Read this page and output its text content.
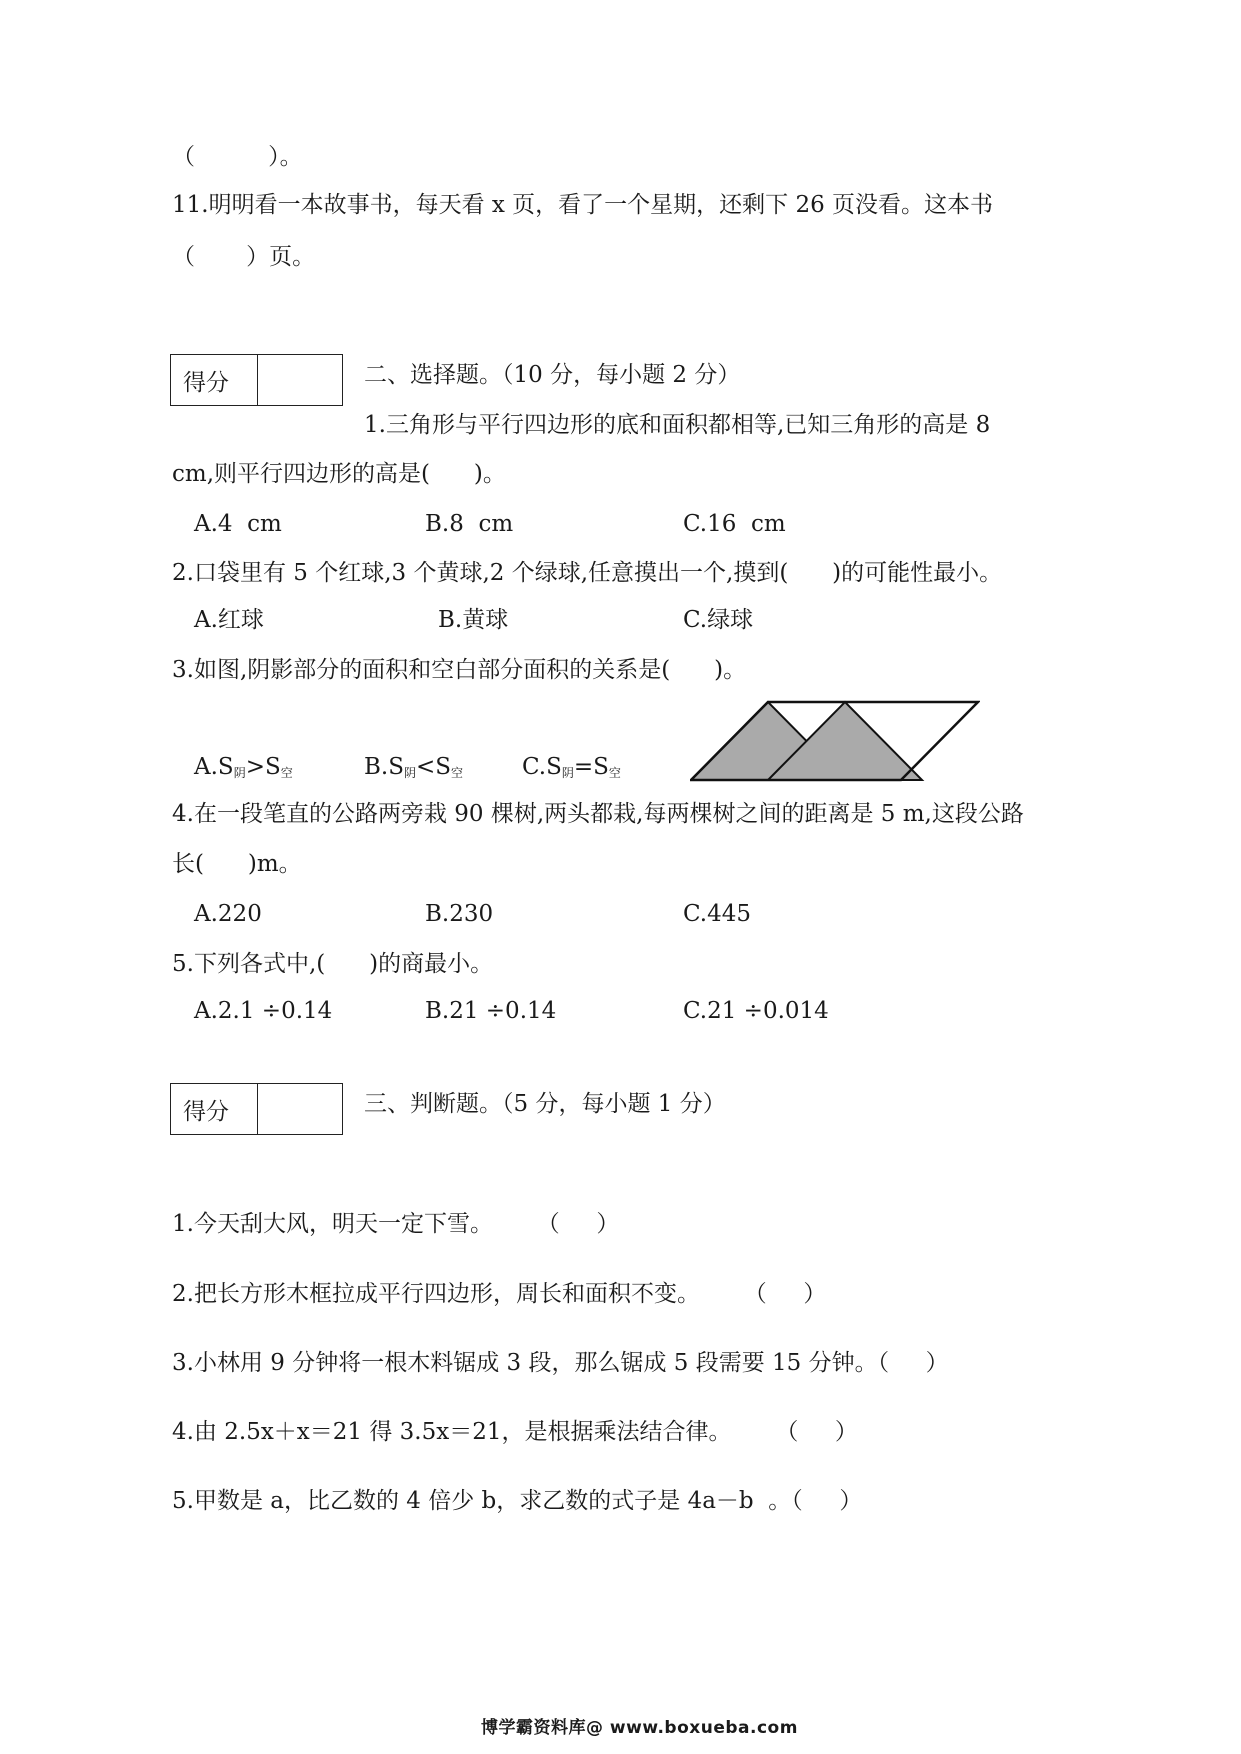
（          ）。
11.明明看一本故事书，每天看 x 页，看了一个星期，还剩下 26 页没看。这本书
（       ）页。
得分	二、选择题。（10 分，每小题 2 分）
1.三角形与平行四边形的底和面积都相等,已知三角形的高是 8
cm,则平行四边形的高是(      )。
A.4  cm	B.8  cm	C.16  cm
2.口袋里有 5 个红球,3 个黄球,2 个绿球,任意摸出一个,摸到(      )的可能性最小。
A.红球	B.黄球	C.绿球
3.如图,阴影部分的面积和空白部分面积的关系是(      )。
$A.S_阴>S_空$	$B.S_阴<S_空$	$C.S_阴=S_空$
4.在一段笔直的公路两旁栽 90 棵树,两头都栽,每两棵树之间的距离是 5 m,这段公路
长(      )m。
A.220	B.230	C.445
5.下列各式中,(      )的商最小。
A.2.1 ÷0.14	B.21 ÷0.14	C.21 ÷0.014
得分	三、判断题。（5 分，每小题 1 分）
1.今天刮大风，明天一定下雪。      （     ）
2.把长方形木框拉成平行四边形，周长和面积不变。      （     ）
3.小林用 9 分钟将一根木料锯成 3 段，那么锯成 5 段需要 15 分钟。（     ）
4.由 2.5x＋x＝21 得 3.5x＝21，是根据乘法结合律。      （     ）
5.甲数是 a，比乙数的 4 倍少 b，求乙数的式子是 4a－b  。（     ）
博学霸资料库@ www.boxueba.com
